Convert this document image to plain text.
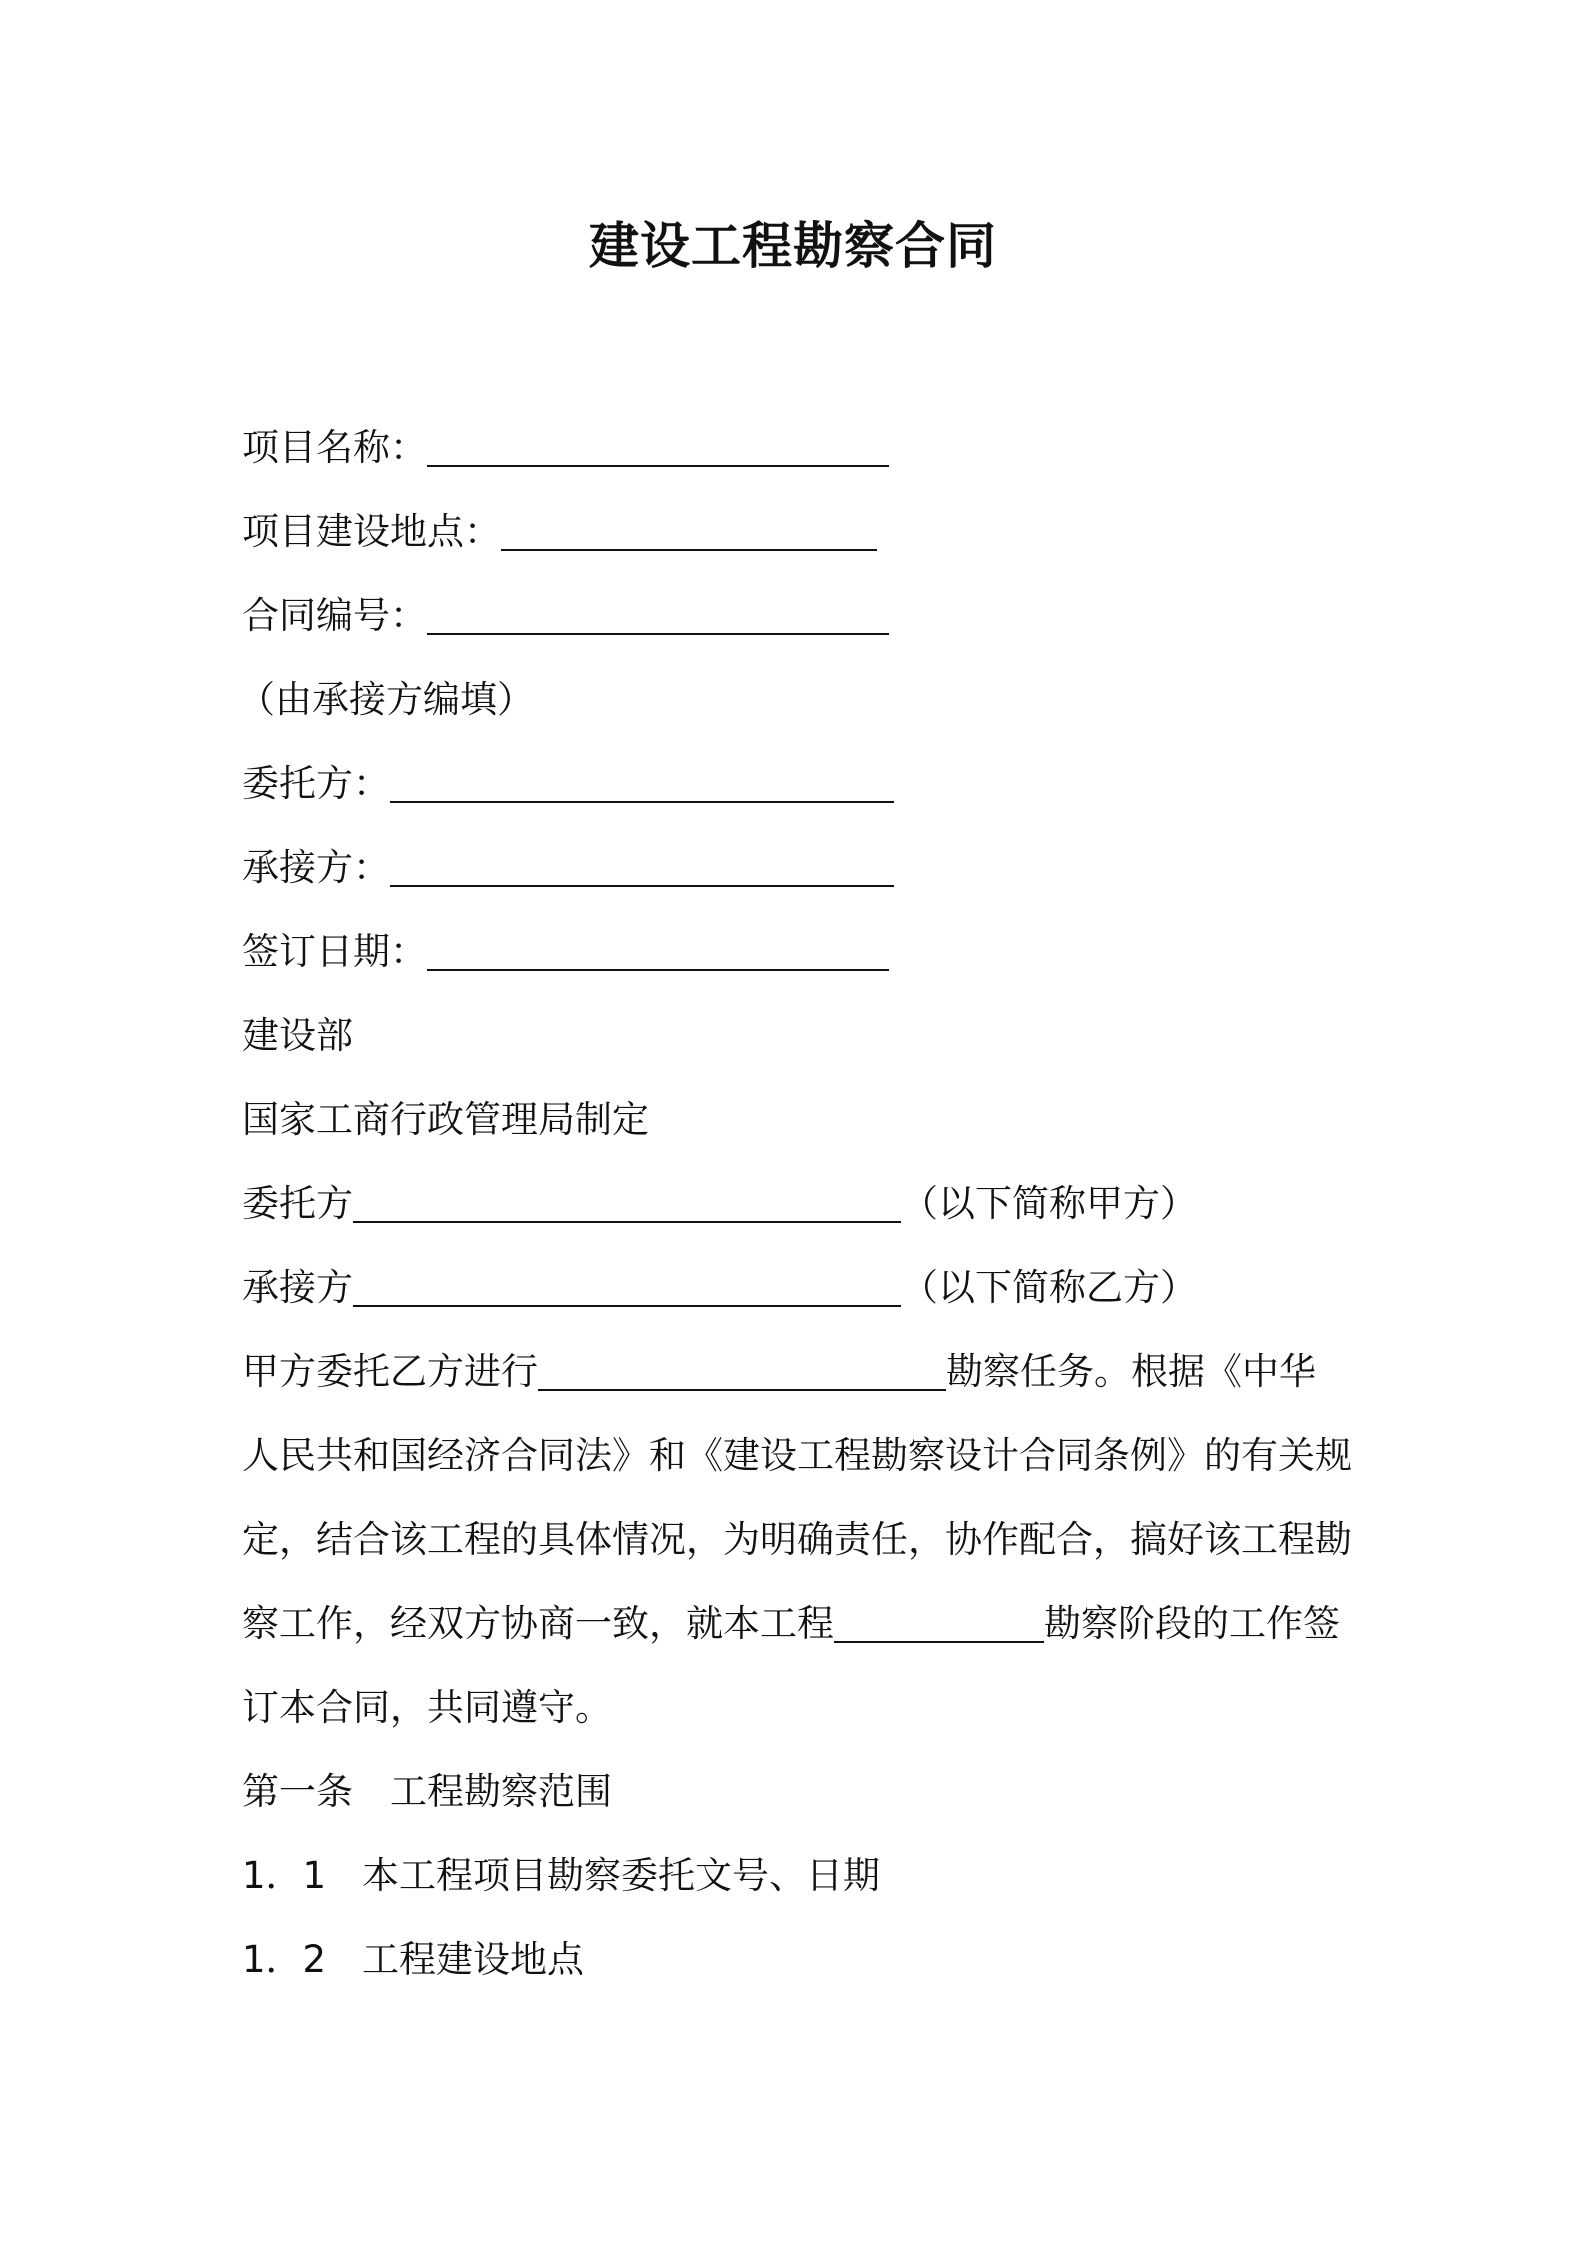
建设工程勘察合同
项目名称：
项目建设地点：
合同编号：
（由承接方编填）
委托方：
承接方：
签订日期：
建设部
国家工商行政管理局制定
委托方	（以下简称甲方）
承接方	（以下简称乙方）
甲方委托乙方进行	勘察任务。根据《中华
人民共和国经济合同法》和《建设工程勘察设计合同条例》的有关规
定，结合该工程的具体情况，为明确责任，协作配合，搞好该工程勘
察工作，经双方协商一致，就本工程	勘察阶段的工作签
订本合同，共同遵守。
第一条　工程勘察范围
1．1 本工程项目勘察委托文号、日期
1．2 工程建设地点
